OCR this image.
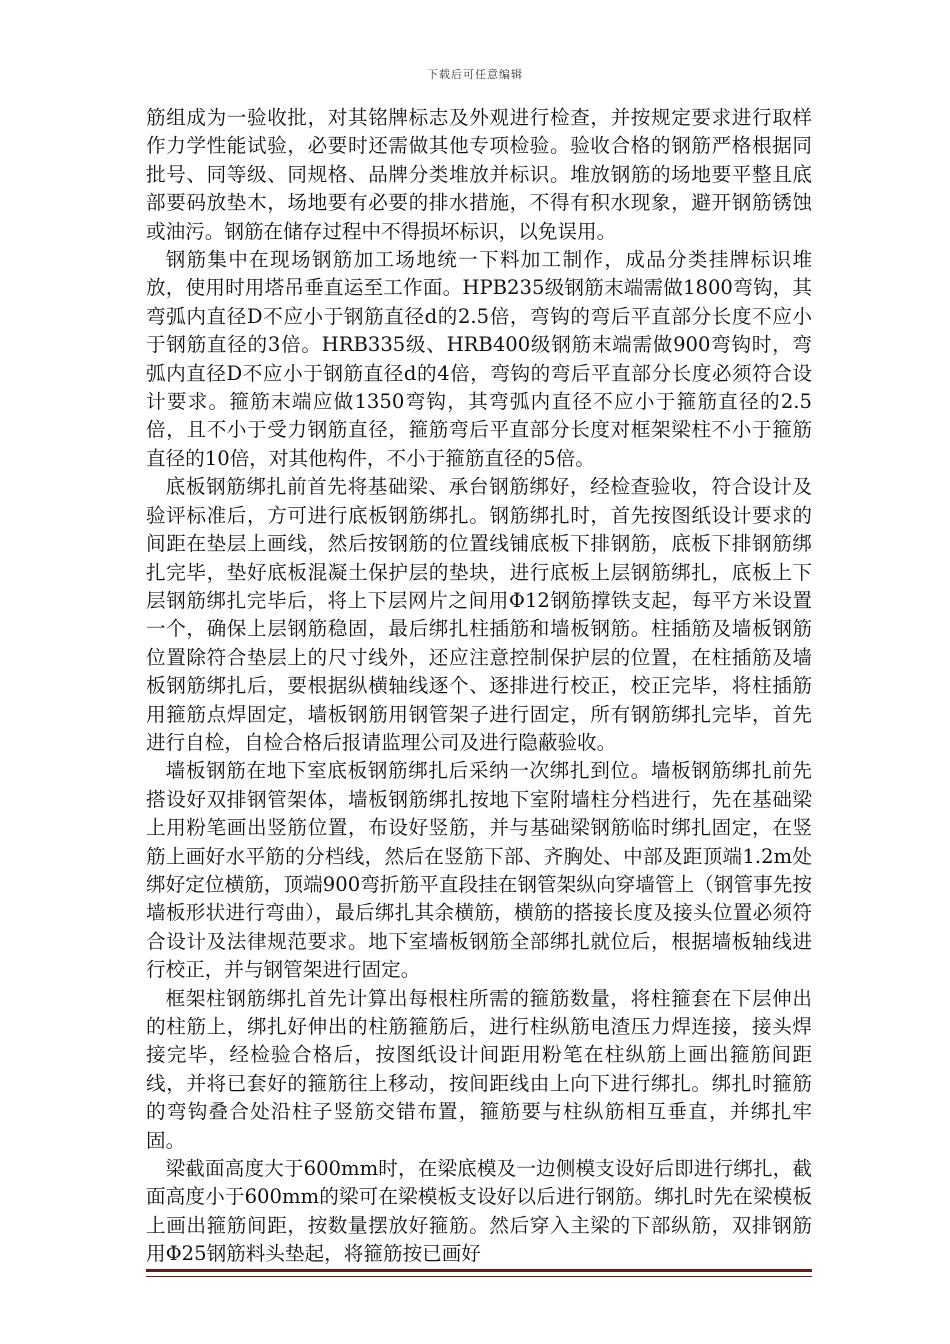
下载后可任意编辑

筋组成为一验收批，对其铭牌标志及外观进行检查，并按规定要求进行取样作力学性能试验，必要时还需做其他专项检验。验收合格的钢筋严格根据同批号、同等级、同规格、品牌分类堆放并标识。堆放钢筋的场地要平整且底部要码放垫木，场地要有必要的排水措施，不得有积水现象，避开钢筋锈蚀或油污。钢筋在储存过程中不得损坏标识，以免误用。

钢筋集中在现场钢筋加工场地统一下料加工制作，成品分类挂牌标识堆放，使用时用塔吊垂直运至工作面。HPB235级钢筋末端需做1800弯钩，其弯弧内直径D不应小于钢筋直径d的2.5倍，弯钩的弯后平直部分长度不应小于钢筋直径的3倍。HRB335级、HRB400级钢筋末端需做900弯钩时，弯弧内直径D不应小于钢筋直径d的4倍，弯钩的弯后平直部分长度必须符合设计要求。箍筋末端应做1350弯钩，其弯弧内直径不应小于箍筋直径的2.5倍，且不小于受力钢筋直径，箍筋弯后平直部分长度对框架梁柱不小于箍筋直径的10倍，对其他构件，不小于箍筋直径的5倍。

底板钢筋绑扎前首先将基础梁、承台钢筋绑好，经检查验收，符合设计及验评标准后，方可进行底板钢筋绑扎。钢筋绑扎时，首先按图纸设计要求的间距在垫层上画线，然后按钢筋的位置线铺底板下排钢筋，底板下排钢筋绑扎完毕，垫好底板混凝土保护层的垫块，进行底板上层钢筋绑扎，底板上下层钢筋绑扎完毕后，将上下层网片之间用Φ12钢筋撑铁支起，每平方米设置一个，确保上层钢筋稳固，最后绑扎柱插筋和墙板钢筋。柱插筋及墙板钢筋位置除符合垫层上的尺寸线外，还应注意控制保护层的位置，在柱插筋及墙板钢筋绑扎后，要根据纵横轴线逐个、逐排进行校正，校正完毕，将柱插筋用箍筋点焊固定，墙板钢筋用钢管架子进行固定，所有钢筋绑扎完毕，首先进行自检，自检合格后报请监理公司及进行隐蔽验收。

墙板钢筋在地下室底板钢筋绑扎后采纳一次绑扎到位。墙板钢筋绑扎前先搭设好双排钢管架体，墙板钢筋绑扎按地下室附墙柱分档进行，先在基础梁上用粉笔画出竖筋位置，布设好竖筋，并与基础梁钢筋临时绑扎固定，在竖筋上画好水平筋的分档线，然后在竖筋下部、齐胸处、中部及距顶端1.2m处绑好定位横筋，顶端900弯折筋平直段挂在钢管架纵向穿墙管上（钢管事先按墙板形状进行弯曲），最后绑扎其余横筋，横筋的搭接长度及接头位置必须符合设计及法律规范要求。地下室墙板钢筋全部绑扎就位后，根据墙板轴线进行校正，并与钢管架进行固定。

框架柱钢筋绑扎首先计算出每根柱所需的箍筋数量，将柱箍套在下层伸出的柱筋上，绑扎好伸出的柱筋箍筋后，进行柱纵筋电渣压力焊连接，接头焊接完毕，经检验合格后，按图纸设计间距用粉笔在柱纵筋上画出箍筋间距线，并将已套好的箍筋往上移动，按间距线由上向下进行绑扎。绑扎时箍筋的弯钩叠合处沿柱子竖筋交错布置，箍筋要与柱纵筋相互垂直，并绑扎牢固。

梁截面高度大于600mm时，在梁底模及一边侧模支设好后即进行绑扎，截面高度小于600mm的梁可在梁模板支设好以后进行钢筋。绑扎时先在梁模板上画出箍筋间距，按数量摆放好箍筋。然后穿入主梁的下部纵筋，双排钢筋用Φ25钢筋料头垫起，将箍筋按已画好
